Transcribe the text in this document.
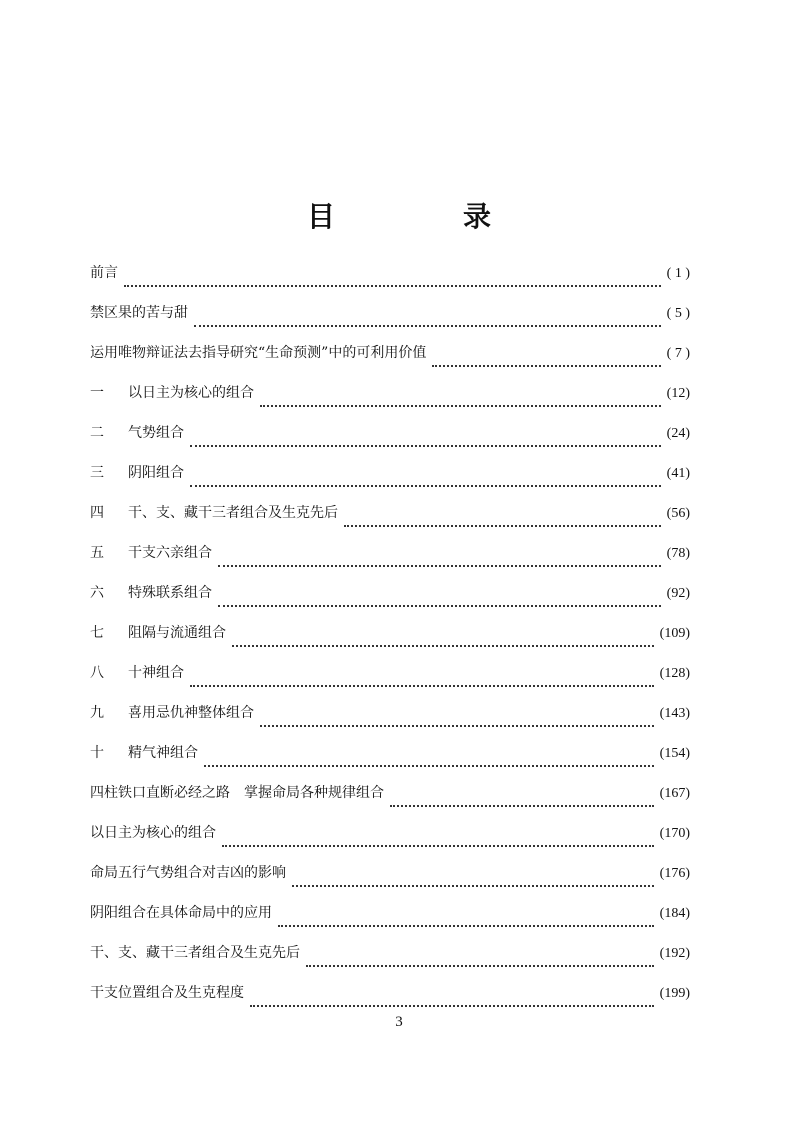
目　录
前言	( 1 )
禁区果的苦与甜	( 5 )
运用唯物辩证法去指导研究“生命预测”中的可利用价值	( 7 )
一	以日主为核心的组合	(12)
二	气势组合	(24)
三	阴阳组合	(41)
四	干、支、藏干三者组合及生克先后	(56)
五	干支六亲组合	(78)
六	特殊联系组合	(92)
七	阻隔与流通组合	(109)
八	十神组合	(128)
九	喜用忌仇神整体组合	(143)
十	精气神组合	(154)
四柱铁口直断必经之路　掌握命局各种规律组合	(167)
以日主为核心的组合	(170)
命局五行气势组合对吉凶的影响	(176)
阴阳组合在具体命局中的应用	(184)
干、支、藏干三者组合及生克先后	(192)
干支位置组合及生克程度	(199)
3
